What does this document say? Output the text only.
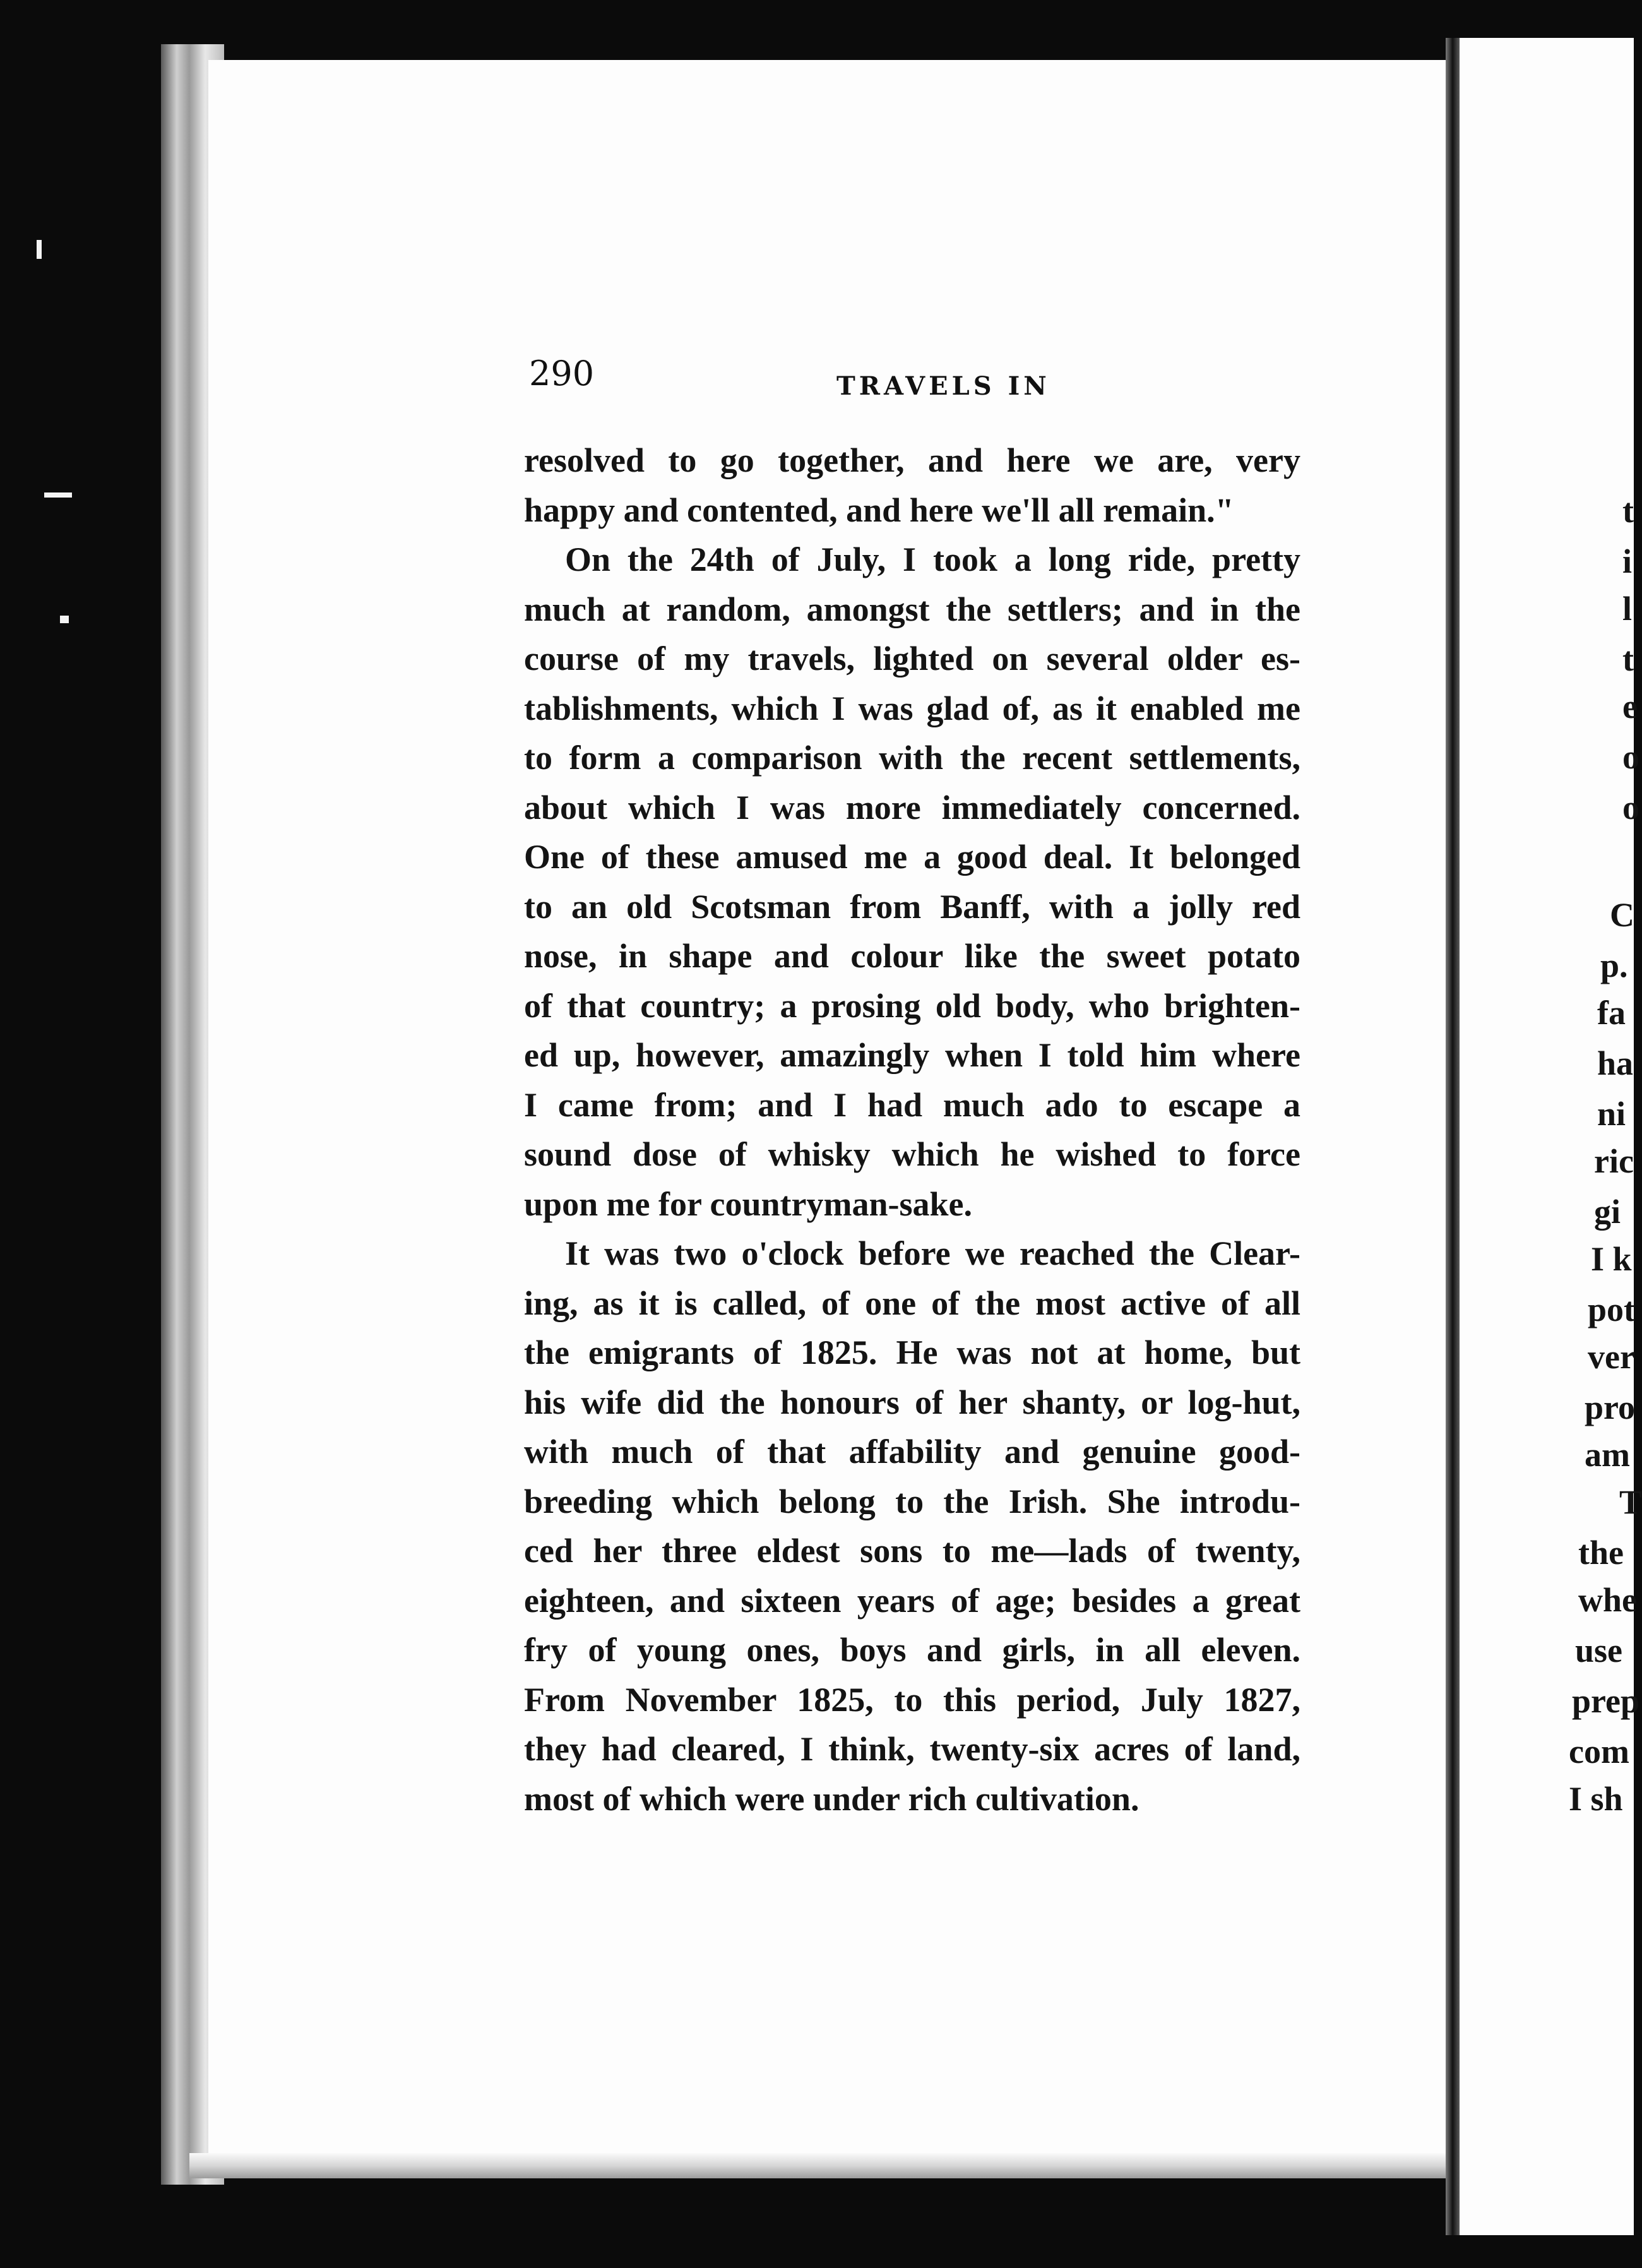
290	TRAVELS IN
resolved to go together, and here we are, very
happy and contented, and here we'll all remain."
On the 24th of July, I took a long ride, pretty
much at random, amongst the settlers; and in the
course of my travels, lighted on several older es-
tablishments, which I was glad of, as it enabled me
to form a comparison with the recent settlements,
about which I was more immediately concerned.
One of these amused me a good deal. It belonged
to an old Scotsman from Banff, with a jolly red
nose, in shape and colour like the sweet potato
of that country; a prosing old body, who brighten-
ed up, however, amazingly when I told him where
I came from; and I had much ado to escape a
sound dose of whisky which he wished to force
upon me for countryman-sake.
It was two o'clock before we reached the Clear-
ing, as it is called, of one of the most active of all
the emigrants of 1825. He was not at home, but
his wife did the honours of her shanty, or log-hut,
with much of that affability and genuine good-
breeding which belong to the Irish. She introdu-
ced her three eldest sons to me—lads of twenty,
eighteen, and sixteen years of age; besides a great
fry of young ones, boys and girls, in all eleven.
From November 1825, to this period, July 1827,
they had cleared, I think, twenty-six acres of land,
most of which were under rich cultivation.
t
i
l
t
e
o
o
C
p.
fa
ha
ni
ric
gi
I k
pot
ver
pro
am
T
the
whe
use
prep
com
I sh
